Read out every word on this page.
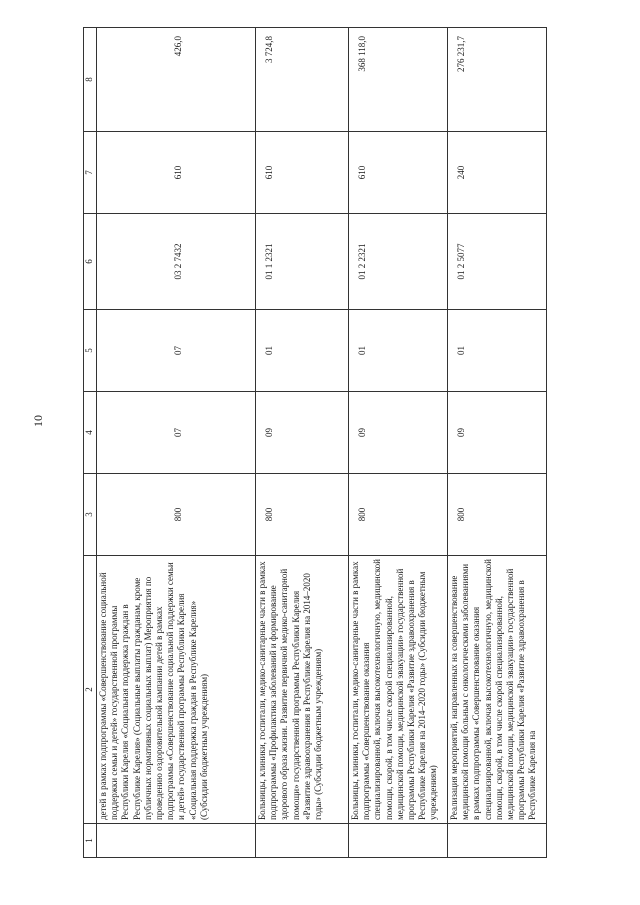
10
1	2	3	4	5	6	7	8
	детей в рамках подпрограммы «Совершенствование социальной поддержки семьи и детей» государственной программы Республики Карелия «Социальная поддержка граждан в Республике Карелия» (Социальные выплаты гражданам, кроме публичных нормативных социальных выплат) Мероприятия по проведению оздоровительной кампании детей в рамках подпрограммы «Совершенствование социальной поддержки семьи и детей» государственной программы Республики Карелия «Социальная поддержка граждан в Республике Карелия» (Субсидии бюджетным учреждениям)	800	07	07	03 2 7432	610	426,0
	Больницы, клиники, госпитали, медико-санитарные части в рамках подпрограммы «Профилактика заболеваний и формирование здорового образа жизни. Развитие первичной медико-санитарной помощи» государственной программы Республики Карелия «Развитие здравоохранения в Республике Карелия на 2014–2020 годы» (Субсидии бюджетным учреждениям)	800	09	01	01 1 2321	610	3 724,8
	Больницы, клиники, госпитали, медико-санитарные части в рамках подпрограммы «Совершенствование оказания специализированной, включая высокотехнологичную, медицинской помощи, скорой, в том числе скорой специализированной, медицинской помощи, медицинской эвакуации» государственной программы Республики Карелия «Развитие здравоохранения в Республике Карелия на 2014–2020 годы» (Субсидии бюджетным учреждениям)	800	09	01	01 2 2321	610	368 118,0
	Реализация мероприятий, направленных на совершенствование медицинской помощи больным с онкологическими заболеваниями в рамках подпрограммы «Совершенствование оказания специализированной, включая высокотехнологичную, медицинской помощи, скорой, в том числе скорой специализированной, медицинской помощи, медицинской эвакуации» государственной программы Республики Карелия «Развитие здравоохранения в Республике Карелия на	800	09	01	01 2 5077	240	276 231,7
